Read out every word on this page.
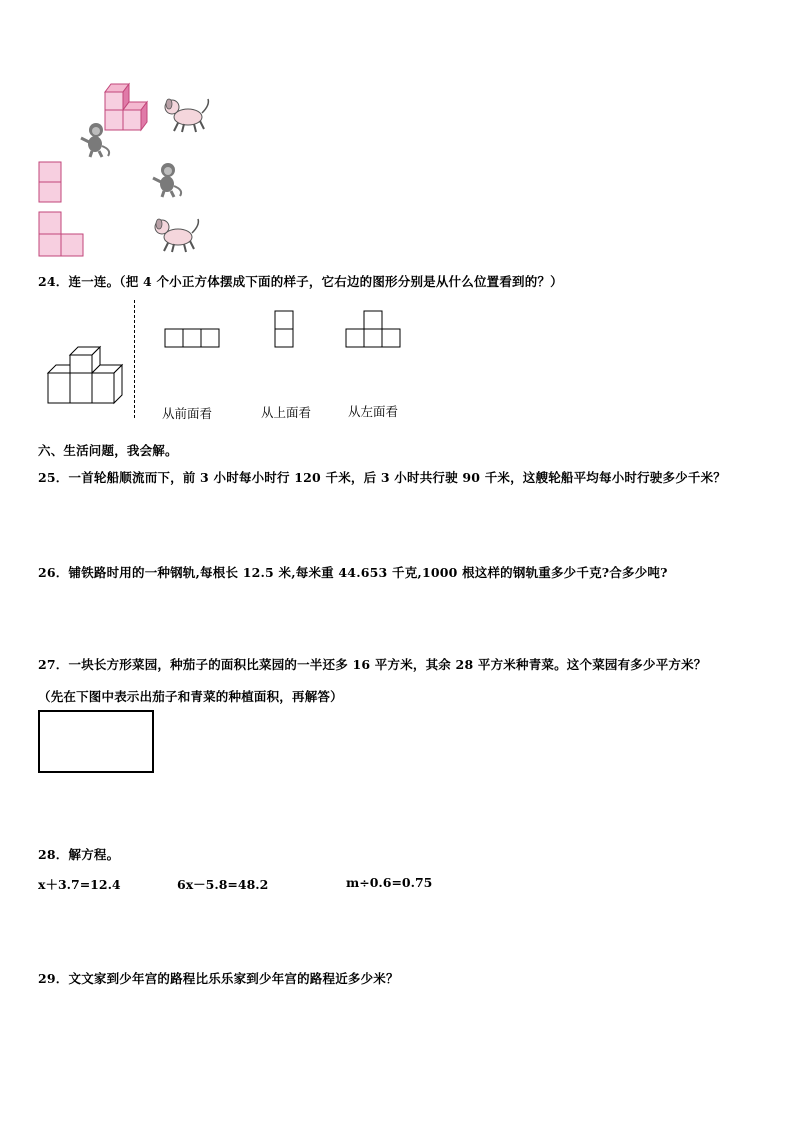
24．连一连。（把 4 个小正方体摆成下面的样子，它右边的图形分别是从什么位置看到的？）
从前面看	从上面看	从左面看
六、生活问题，我会解。
25．一首轮船顺流而下，前 3 小时每小时行 120 千米，后 3 小时共行驶 90 千米，这艘轮船平均每小时行驶多少千米？
26．铺铁路时用的一种钢轨,每根长 12.5 米,每米重 44.653 千克,1000 根这样的钢轨重多少千克?合多少吨?
27．一块长方形菜园，种茄子的面积比菜园的一半还多 16 平方米，其余 28 平方米种青菜。这个菜园有多少平方米？
（先在下图中表示出茄子和青菜的种植面积，再解答）
28．解方程。
x＋3.7=12.4	6x－5.8=48.2	m÷0.6=0.75
29．文文家到少年宫的路程比乐乐家到少年宫的路程近多少米？
